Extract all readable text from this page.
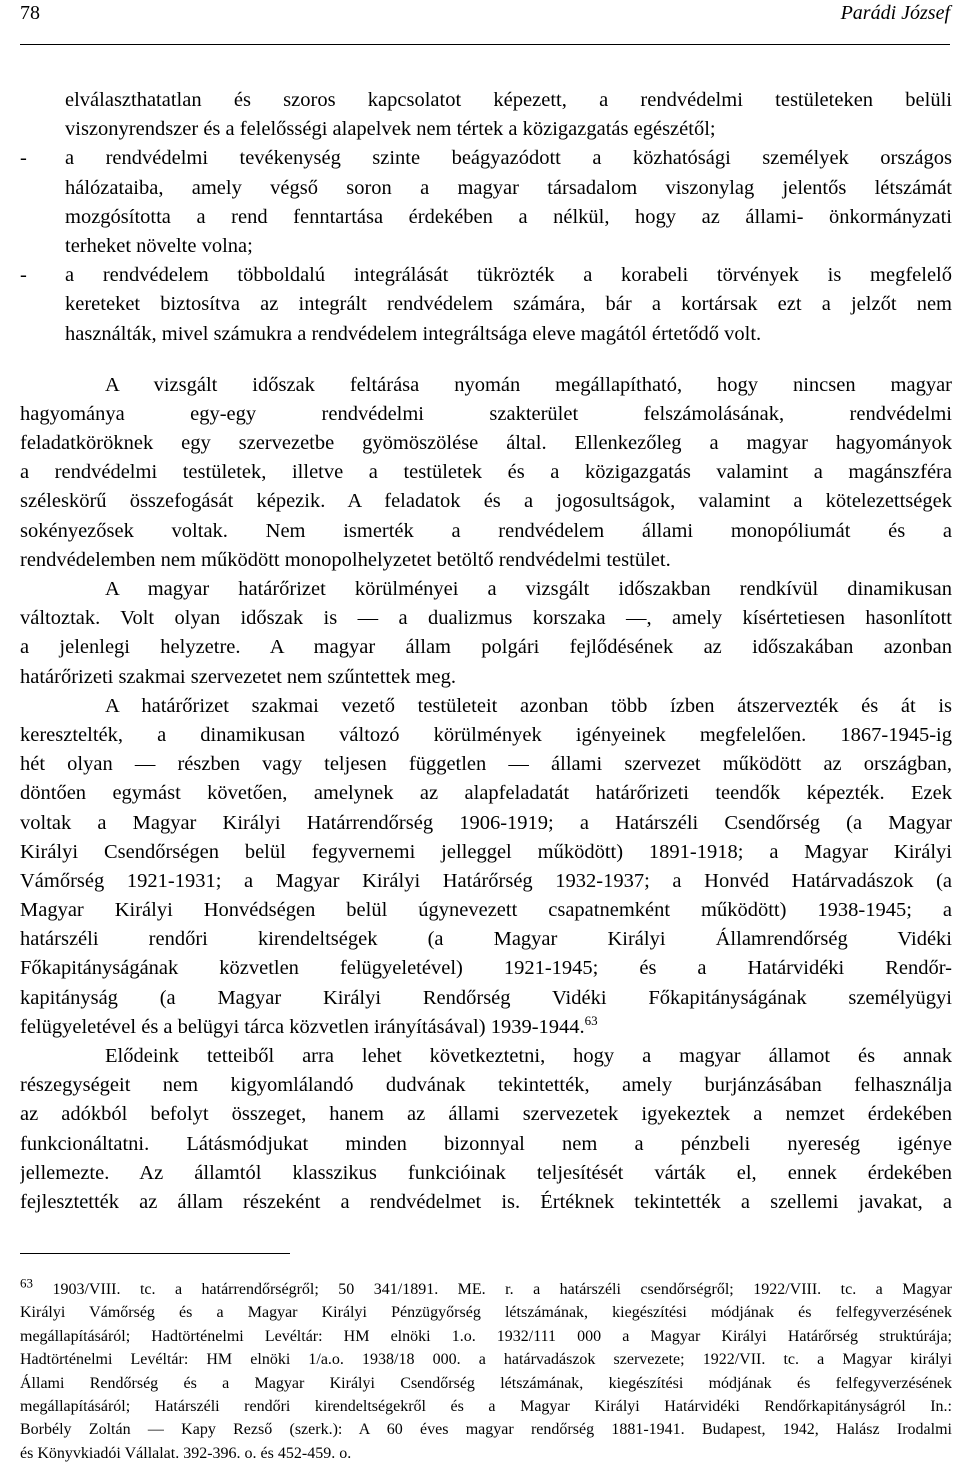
78	Parádi József
elválaszthatatlan és szoros kapcsolatot képezett, a rendvédelmi testületeken belüli
viszonyrendszer és a felelősségi alapelvek nem tértek a közigazgatás egészétől;
- a rendvédelmi tevékenység szinte beágyazódott a közhatósági személyek országos
hálózataiba, amely végső soron a magyar társadalom viszonylag jelentős létszámát
mozgósította a rend fenntartása érdekében a nélkül, hogy az állami- önkormányzati
terheket növelte volna;
- a rendvédelem többoldalú integrálását tükrözték a korabeli törvények is megfelelő
kereteket biztosítva az integrált rendvédelem számára, bár a kortársak ezt a jelzőt nem
használták, mivel számukra a rendvédelem integráltsága eleve magától értetődő volt.
A vizsgált időszak feltárása nyomán megállapítható, hogy nincsen magyar
hagyománya egy-egy rendvédelmi szakterület felszámolásának, rendvédelmi
feladatköröknek egy szervezetbe gyömöszölése által. Ellenkezőleg a magyar hagyományok
a rendvédelmi testületek, illetve a testületek és a közigazgatás valamint a magánszféra
széleskörű összefogását képezik. A feladatok és a jogosultságok, valamint a kötelezettségek
sokényezősek voltak. Nem ismerték a rendvédelem állami monopóliumát és a
rendvédelemben nem működött monopolhelyzetet betöltő rendvédelmi testület.
A magyar határőrizet körülményei a vizsgált időszakban rendkívül dinamikusan
változtak. Volt olyan időszak is — a dualizmus korszaka —, amely kísértetiesen hasonlított
a jelenlegi helyzetre. A magyar állam polgári fejlődésének az időszakában azonban
határőrizeti szakmai szervezetet nem szűntettek meg.
A határőrizet szakmai vezető testületeit azonban több ízben átszervezték és át is
keresztelték, a dinamikusan változó körülmények igényeinek megfelelően. 1867-1945-ig
hét olyan — részben vagy teljesen független — állami szervezet működött az országban,
döntően egymást követően, amelynek az alapfeladatát határőrizeti teendők képezték. Ezek
voltak a Magyar Királyi Határrendőrség 1906-1919; a Határszéli Csendőrség (a Magyar
Királyi Csendőrségen belül fegyvernemi jelleggel működött) 1891-1918; a Magyar Királyi
Vámőrség 1921-1931; a Magyar Királyi Határőrség 1932-1937; a Honvéd Határvadászok (a
Magyar Királyi Honvédségen belül úgynevezett csapatnemként működött) 1938-1945; a
határszéli rendőri kirendeltségek (a Magyar Királyi Államrendőrség Vidéki
Főkapitányságának közvetlen felügyeletével) 1921-1945; és a Határvidéki Rendőr-
kapitányság (a Magyar Királyi Rendőrség Vidéki Főkapitányságának személyügyi
felügyeletével és a belügyi tárca közvetlen irányításával) 1939-1944.63
Elődeink tetteiből arra lehet következtetni, hogy a magyar államot és annak
részegységeit nem kigyomlálandó dudvának tekintették, amely burjánzásában felhasználja
az adókból befolyt összeget, hanem az állami szervezetek igyekeztek a nemzet érdekében
funkcionáltatni. Látásmódjukat minden bizonnyal nem a pénzbeli nyereség igénye
jellemezte. Az államtól klasszikus funkcióinak teljesítését várták el, ennek érdekében
fejlesztették az állam részeként a rendvédelmet is. Értéknek tekintették a szellemi javakat, a
$^{63}$ 1903/VIII. tc. a határrendőrségről; 50 341/1891. ME. r. a határszéli csendőrségről; 1922/VIII. tc. a Magyar
Királyi Vámőrség és a Magyar Királyi Pénzügyőrség létszámának, kiegészítési módjának és felfegyverzésének
megállapításáról; Hadtörténelmi Levéltár: HM elnöki 1.o. 1932/111 000 a Magyar Királyi Határőrség struktúrája;
Hadtörténelmi Levéltár: HM elnöki 1/a.o. 1938/18 000. a határvadászok szervezete; 1922/VII. tc. a Magyar királyi
Állami Rendőrség és a Magyar Királyi Csendőrség létszámának, kiegészítési módjának és felfegyverzésének
megállapításáról; Határszéli rendőri kirendeltségekről és a Magyar Királyi Határvidéki Rendőrkapitányságról In.:
Borbély Zoltán — Kapy Rezső (szerk.): A 60 éves magyar rendőrség 1881-1941. Budapest, 1942, Halász Irodalmi
és Könyvkiadói Vállalat. 392-396. o. és 452-459. o.
